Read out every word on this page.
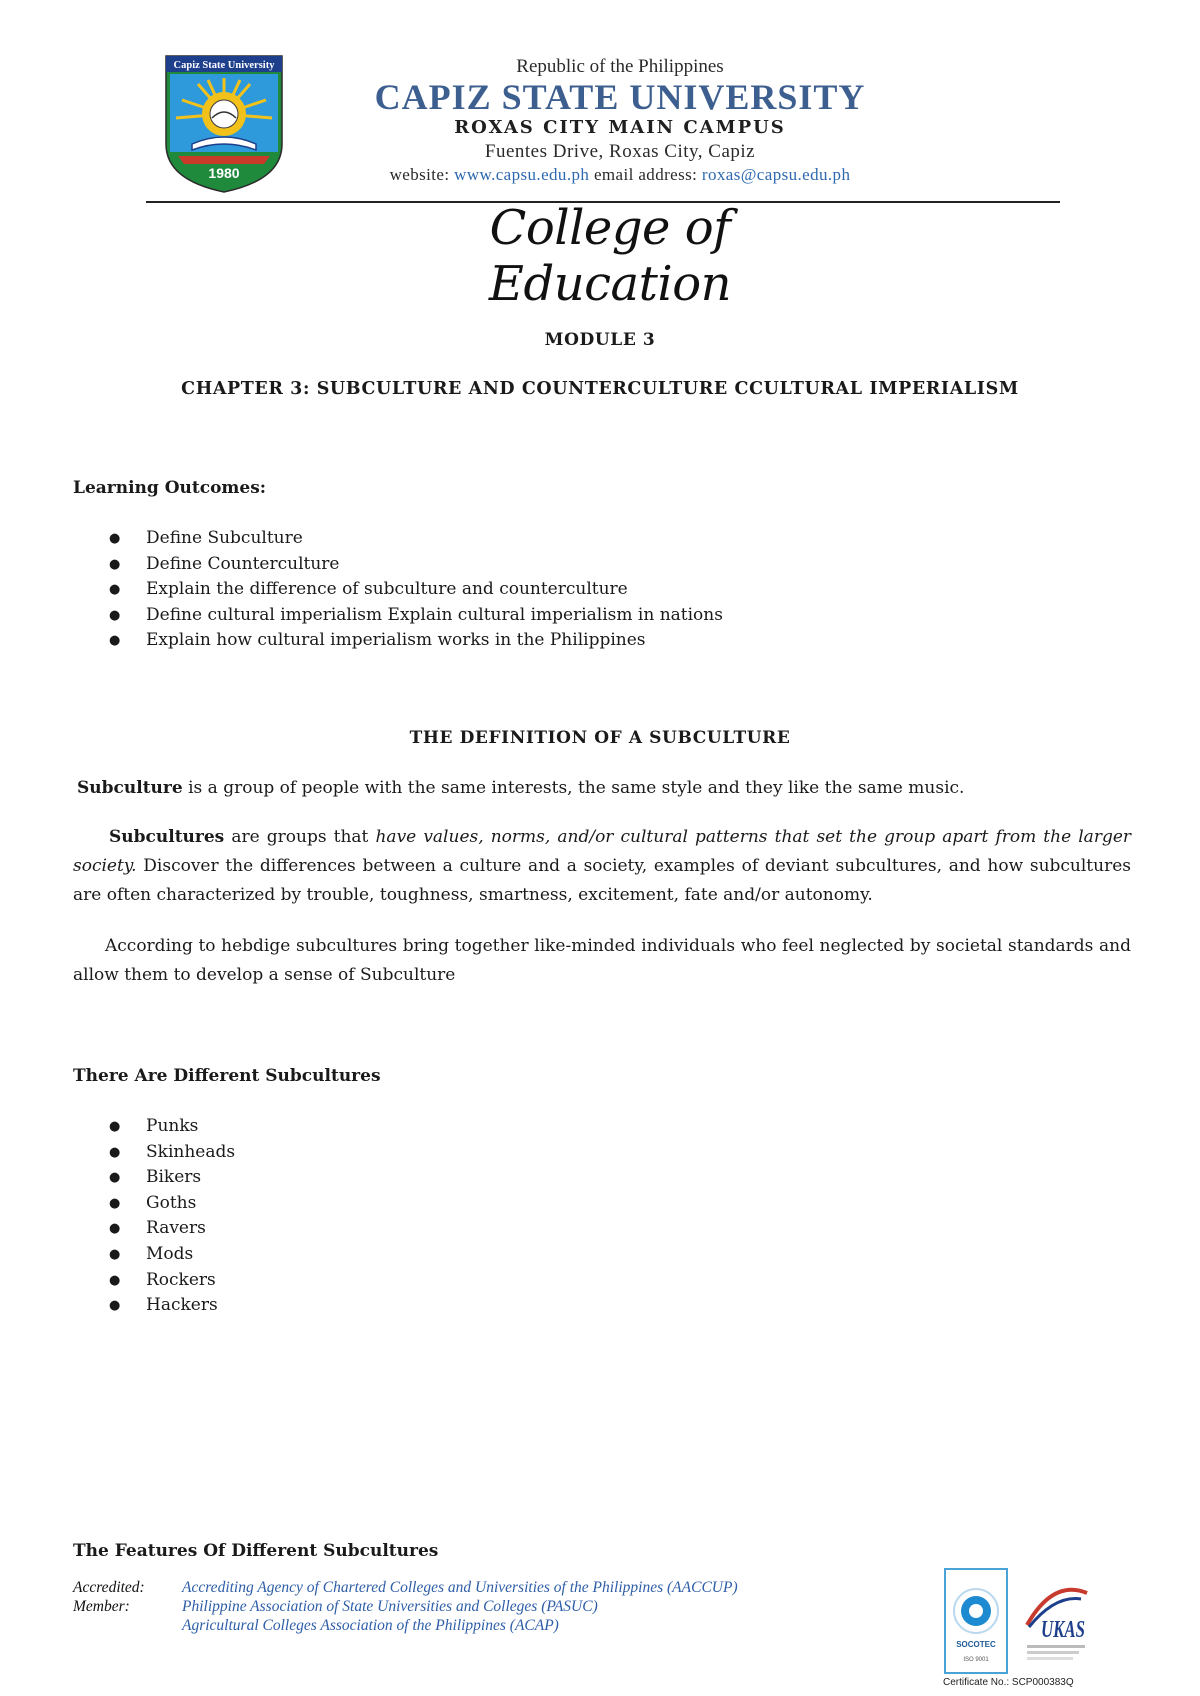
Capiz State University
1980
Republic of the Philippines
CAPIZ STATE UNIVERSITY
ROXAS CITY MAIN CAMPUS
Fuentes Drive, Roxas City, Capiz
website: www.capsu.edu.ph email address: roxas@capsu.edu.ph
College of Education
MODULE 3
CHAPTER 3: SUBCULTURE AND COUNTERCULTURE CCULTURAL IMPERIALISM
Learning Outcomes:
● Define Subculture
● Define Counterculture
● Explain the difference of subculture and counterculture
● Define cultural imperialism Explain cultural imperialism in nations
● Explain how cultural imperialism works in the Philippines
THE DEFINITION OF A SUBCULTURE
Subculture is a group of people with the same interests, the same style and they like the same music.
Subcultures are groups that have values, norms, and/or cultural patterns that set the group apart from the larger society. Discover the differences between a culture and a society, examples of deviant subcultures, and how subcultures are often characterized by trouble, toughness, smartness, excitement, fate and/or autonomy.
According to hebdige subcultures bring together like-minded individuals who feel neglected by societal standards and allow them to develop a sense of Subculture
There Are Different Subcultures
● Punks
● Skinheads
● Bikers
● Goths
● Ravers
● Mods
● Rockers
● Hackers
The Features Of Different Subcultures
Accredited:	Accrediting Agency of Chartered Colleges and Universities of the Philippines (AACCUP)
Member:	Philippine Association of State Universities and Colleges (PASUC)
Agricultural Colleges Association of the Philippines (ACAP)
SOCOTEC
ISO 9001
UKAS
Certificate No.: SCP000383Q
